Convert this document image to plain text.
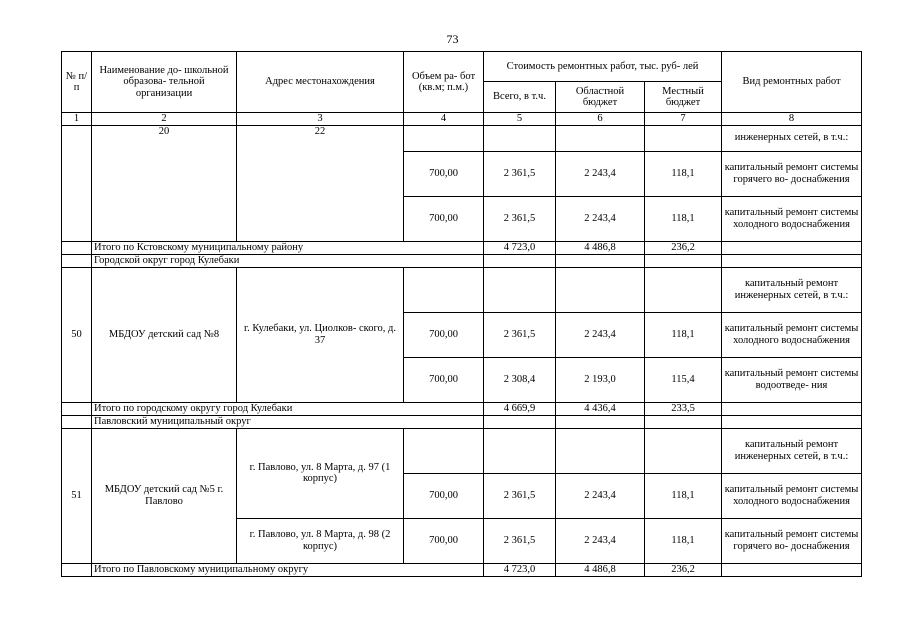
73
№ п/п	Наименование до- школьной образова- тельной организации	Адрес местонахождения	Объем ра- бот (кв.м; п.м.)	Стоимость ремонтных работ, тыс. руб- лей			Вид ремонтных работ
				Всего, в т.ч.	Областной бюджет	Местный бюджет	
1	2	3	4	5	6	7	8
	20	22					инженерных сетей, в т.ч.:
			700,00	2 361,5	2 243,4	118,1	капитальный ремонт системы горячего во- доснабжения
			700,00	2 361,5	2 243,4	118,1	капитальный ремонт системы холодного водоснабжения
	Итого по Кстовскому муниципальному району			4 723,0	4 486,8	236,2	
	Городской округ город Кулебаки						
50	МБДОУ детский сад №8	г. Кулебаки, ул. Циолков- ского, д. 37					капитальный ремонт инженерных сетей, в т.ч.:
			700,00	2 361,5	2 243,4	118,1	капитальный ремонт системы холодного водоснабжения
			700,00	2 308,4	2 193,0	115,4	капитальный ремонт системы водоотведе- ния
	Итого по городскому округу город Кулебаки			4 669,9	4 436,4	233,5	
	Павловский муниципальный округ						
51	МБДОУ детский сад №5 г. Павлово	г. Павлово, ул. 8 Марта, д. 97 (1 корпус)					капитальный ремонт инженерных сетей, в т.ч.:
			700,00	2 361,5	2 243,4	118,1	капитальный ремонт системы холодного водоснабжения
		г. Павлово, ул. 8 Марта, д. 98 (2 корпус)	700,00	2 361,5	2 243,4	118,1	капитальный ремонт системы горячего во- доснабжения
	Итого по Павловскому муниципальному округу			4 723,0	4 486,8	236,2	
